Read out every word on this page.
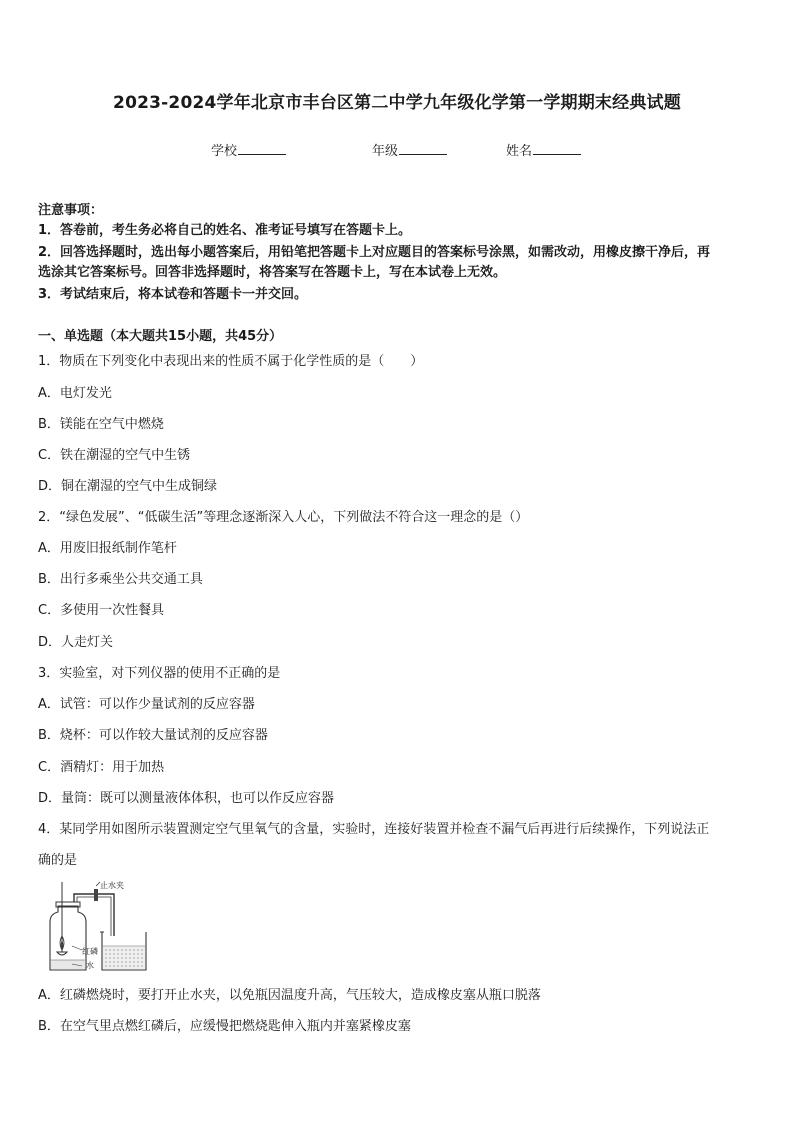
2023-2024学年北京市丰台区第二中学九年级化学第一学期期末经典试题
学校	年级	姓名
注意事项：
1．答卷前，考生务必将自己的姓名、准考证号填写在答题卡上。
2．回答选择题时，选出每小题答案后，用铅笔把答题卡上对应题目的答案标号涂黑，如需改动，用橡皮擦干净后，再
选涂其它答案标号。回答非选择题时，将答案写在答题卡上，写在本试卷上无效。
3．考试结束后，将本试卷和答题卡一并交回。
一、单选题（本大题共15小题，共45分）
1．物质在下列变化中表现出来的性质不属于化学性质的是（　　）
A．电灯发光
B．镁能在空气中燃烧
C．铁在潮湿的空气中生锈
D．铜在潮湿的空气中生成铜绿
2．“绿色发展”、“低碳生活”等理念逐渐深入人心，下列做法不符合这一理念的是（）
A．用废旧报纸制作笔杆
B．出行多乘坐公共交通工具
C．多使用一次性餐具
D．人走灯关
3．实验室，对下列仪器的使用不正确的是
A．试管：可以作少量试剂的反应容器
B．烧杯：可以作较大量试剂的反应容器
C．酒精灯：用于加热
D．量筒：既可以测量液体体积，也可以作反应容器
4．某同学用如图所示装置测定空气里氧气的含量，实验时，连接好装置并检查不漏气后再进行后续操作，下列说法正
确的是
止水夹
红磷
水
A．红磷燃烧时，要打开止水夹，以免瓶因温度升高，气压较大，造成橡皮塞从瓶口脱落
B．在空气里点燃红磷后，应缓慢把燃烧匙伸入瓶内并塞紧橡皮塞
